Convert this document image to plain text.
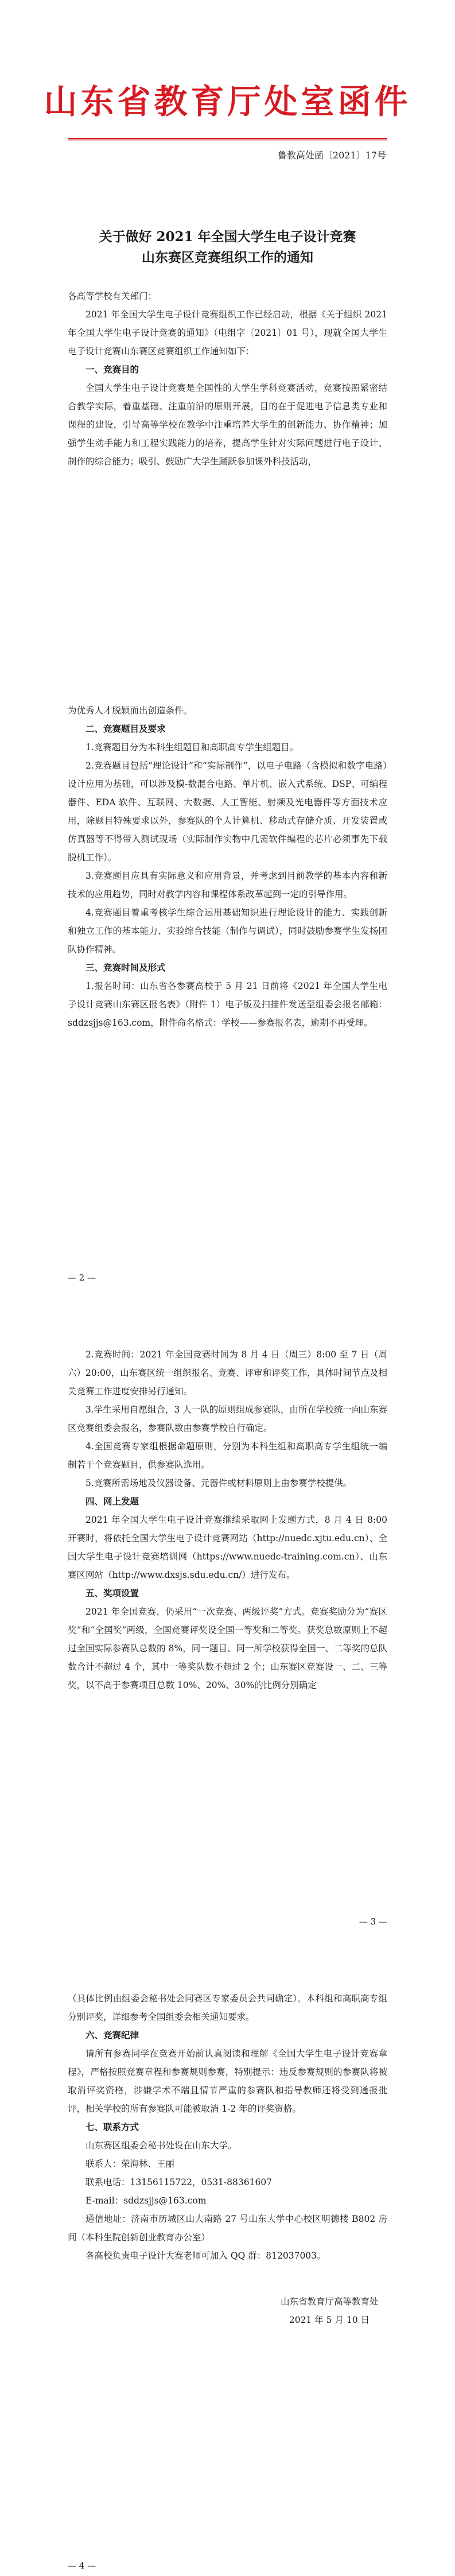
山东省教育厅处室函件
鲁教高处函〔2021〕17号
关于做好 2021 年全国大学生电子设计竞赛
山东赛区竞赛组织工作的通知

各高等学校有关部门：

2021 年全国大学生电子设计竞赛组织工作已经启动，根据《关于组织 2021 年全国大学生电子设计竞赛的通知》（电组字〔2021〕01 号），现就全国大学生电子设计竞赛山东赛区竞赛组织工作通知如下：

一、竞赛目的

全国大学生电子设计竞赛是全国性的大学生学科竞赛活动，竞赛按照紧密结合教学实际，着重基础、注重前沿的原则开展，目的在于促进电子信息类专业和课程的建设，引导高等学校在教学中注重培养大学生的创新能力、协作精神；加强学生动手能力和工程实践能力的培养，提高学生针对实际问题进行电子设计、制作的综合能力；吸引、鼓励广大学生踊跃参加课外科技活动，

为优秀人才脱颖而出创造条件。

二、竞赛题目及要求

1.竞赛题目分为本科生组题目和高职高专学生组题目。

2.竞赛题目包括“理论设计”和“实际制作”，以电子电路（含模拟和数字电路）设计应用为基础，可以涉及模-数混合电路、单片机、嵌入式系统、DSP、可编程器件、EDA 软件、互联网、大数据、人工智能、射频及光电器件等方面技术应用，除题目特殊要求以外，参赛队的个人计算机、移动式存储介质、开发装置或仿真器等不得带入测试现场（实际制作实物中几需软件编程的芯片必须事先下载脱机工作）。

3.竞赛题目应具有实际意义和应用背景，并考虑到目前教学的基本内容和新技术的应用趋势，同时对教学内容和课程体系改革起到一定的引导作用。

4.竞赛题目着重考核学生综合运用基础知识进行理论设计的能力、实践创新和独立工作的基本能力、实验综合技能（制作与调试），同时鼓励参赛学生发扬团队协作精神。

三、竞赛时间及形式

1.报名时间：山东省各参赛高校于 5 月 21 日前将《2021 年全国大学生电子设计竞赛山东赛区报名表》（附件 1）电子版及扫描件发送至组委会报名邮箱：sddzsjjs@163.com，附件命名格式：学校——参赛报名表，逾期不再受理。

— 2 —

2.竞赛时间：2021 年全国竞赛时间为 8 月 4 日（周三）8:00 至 7 日（周六）20:00，山东赛区统一组织报名、竞赛、评审和评奖工作，具体时间节点及相关竞赛工作进度安排另行通知。

3.学生采用自愿组合，3 人一队的原则组成参赛队，由所在学校统一向山东赛区竞赛组委会报名，参赛队数由参赛学校自行确定。

4.全国竞赛专家组根据命题原则，分别为本科生组和高职高专学生组统一编制若干个竞赛题目，供参赛队选用。

5.竞赛所需场地及仪器设备、元器件或材料原则上由参赛学校提供。

四、网上发题

2021 年全国大学生电子设计竞赛继续采取网上发题方式，8 月 4 日 8:00 开赛时，将依托全国大学生电子设计竞赛网站（http://nuedc.xjtu.edu.cn）、全国大学生电子设计竞赛培训网（https://www.nuedc-training.com.cn）、山东赛区网站（http://www.dxsjs.sdu.edu.cn/）进行发布。

五、奖项设置

2021 年全国竞赛，仍采用“一次竞赛、两级评奖”方式。竞赛奖励分为“赛区奖”和“全国奖”两级，全国竞赛评奖设全国一等奖和二等奖。获奖总数原则上不超过全国实际参赛队总数的 8%，同一题目、同一所学校获得全国一、二等奖的总队数合计不超过 4 个，其中一等奖队数不超过 2 个；山东赛区竞赛设一、二、三等奖，以不高于参赛项目总数 10%、20%、30%的比例分别确定

— 3 —

（具体比例由组委会秘书处会同赛区专家委员会共同确定）。本科组和高职高专组分别评奖，详细参考全国组委会相关通知要求。

六、竞赛纪律

请所有参赛同学在竞赛开始前认真阅读和理解《全国大学生电子设计竞赛章程》，严格按照竞赛章程和参赛规则参赛，特别提示：违反参赛规则的参赛队将被取消评奖资格，涉嫌学术不端且情节严重的参赛队和指导教师还将受到通报批评，相关学校的所有参赛队可能被取消 1-2 年的评奖资格。

七、联系方式

山东赛区组委会秘书处设在山东大学。

联系人：荣海林、王丽

联系电话：13156115722，0531-88361607

E-mail：sddzsjjs@163.com

通信地址：济南市历城区山大南路 27 号山东大学中心校区明德楼 B802 房间（本科生院创新创业教育办公室）

各高校负责电子设计大赛老师可加入 QQ 群：812037003。

山东省教育厅高等教育处

2021 年 5 月 10 日

— 4 —
